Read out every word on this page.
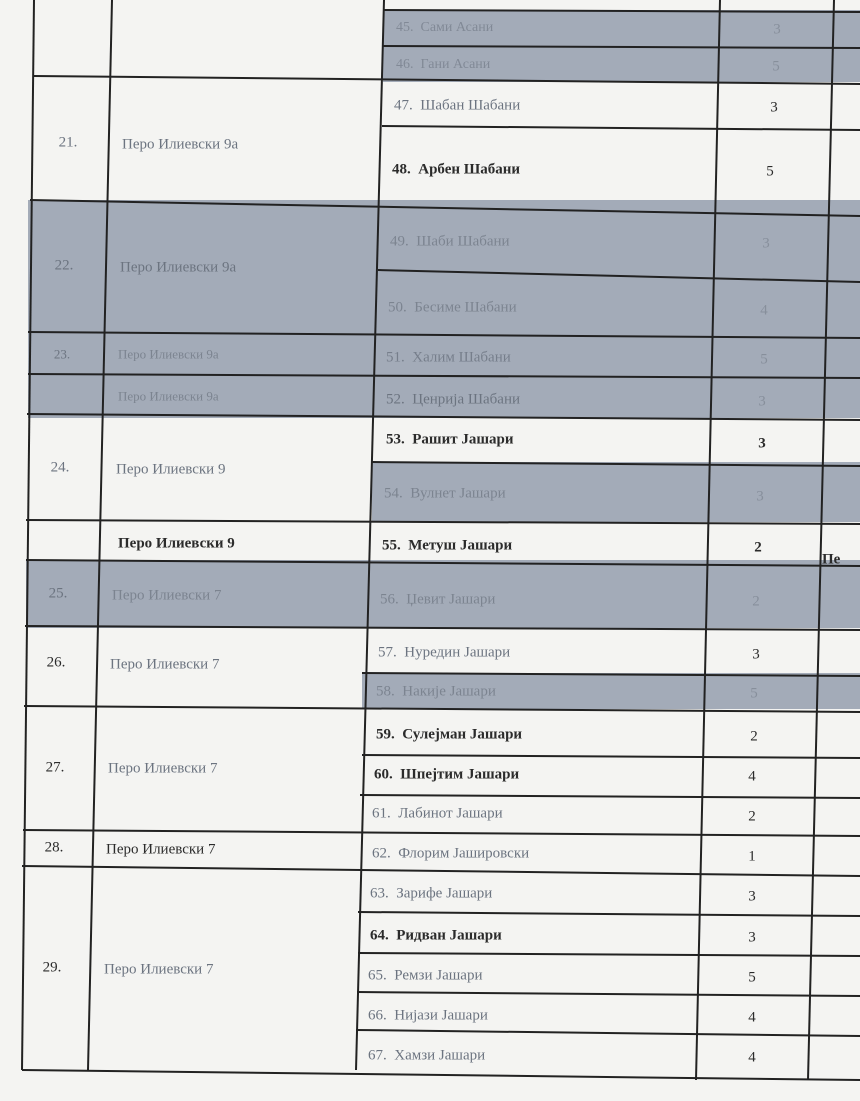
21.
22.
23.
24.
25.
26.
27.
28.
29.
Перо Илиевски 9а
Перо Илиевски 9а
Перо Илиевски 9а
Перо Илиевски 9а
Перо Илиевски 9
Перо Илиевски 9
Перо Илиевски 7
Перо Илиевски 7
Перо Илиевски 7
Перо Илиевски 7
Перо Илиевски 7
45. Сами Асани
46. Гани Асани
47. Шабан Шабани
48. Арбен Шабани
49. Шаби Шабани
50. Бесиме Шабани
51. Халим Шабани
52. Ценрија Шабани
53. Рашит Јашари
54. Вулнет Јашари
55. Метуш Јашари
56. Џевит Јашари
57. Нуредин Јашари
58. Накије Јашари
59. Сулејман Јашари
60. Шпејтим Јашари
61. Лабинот Јашари
62. Флорим Јашировски
63. Зарифе Јашари
64. Ридван Јашари
65. Ремзи Јашари
66. Нијази Јашари
67. Хамзи Јашари
3
5
3
5
3
4
5
3
3
3
2
2
3
5
2
4
2
1
3
3
5
4
4
Пе
